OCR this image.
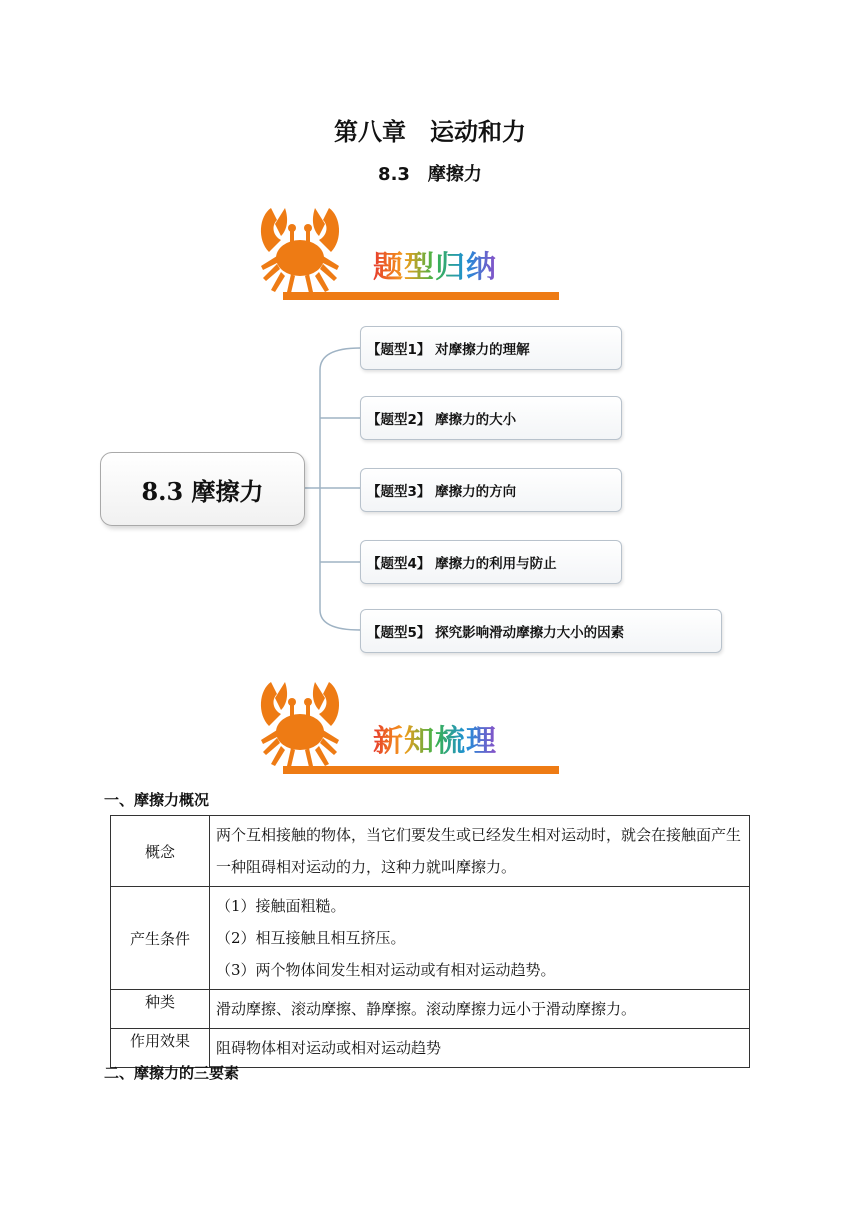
第八章　运动和力
8.3　摩擦力
题型归纳
8.3 摩擦力
【题型1】 对摩擦力的理解
【题型2】 摩擦力的大小
【题型3】 摩擦力的方向
【题型4】 摩擦力的利用与防止
【题型5】 探究影响滑动摩擦力大小的因素
新知梳理
一、摩擦力概况
概念	两个互相接触的物体，当它们要发生或已经发生相对运动时，就会在接触面产生一种阻碍相对运动的力，这种力就叫摩擦力。
产生条件	（1）接触面粗糙。
（2）相互接触且相互挤压。
（3）两个物体间发生相对运动或有相对运动趋势。

种类	滑动摩擦、滚动摩擦、静摩擦。滚动摩擦力远小于滑动摩擦力。
作用效果	阻碍物体相对运动或相对运动趋势
二、摩擦力的三要素
